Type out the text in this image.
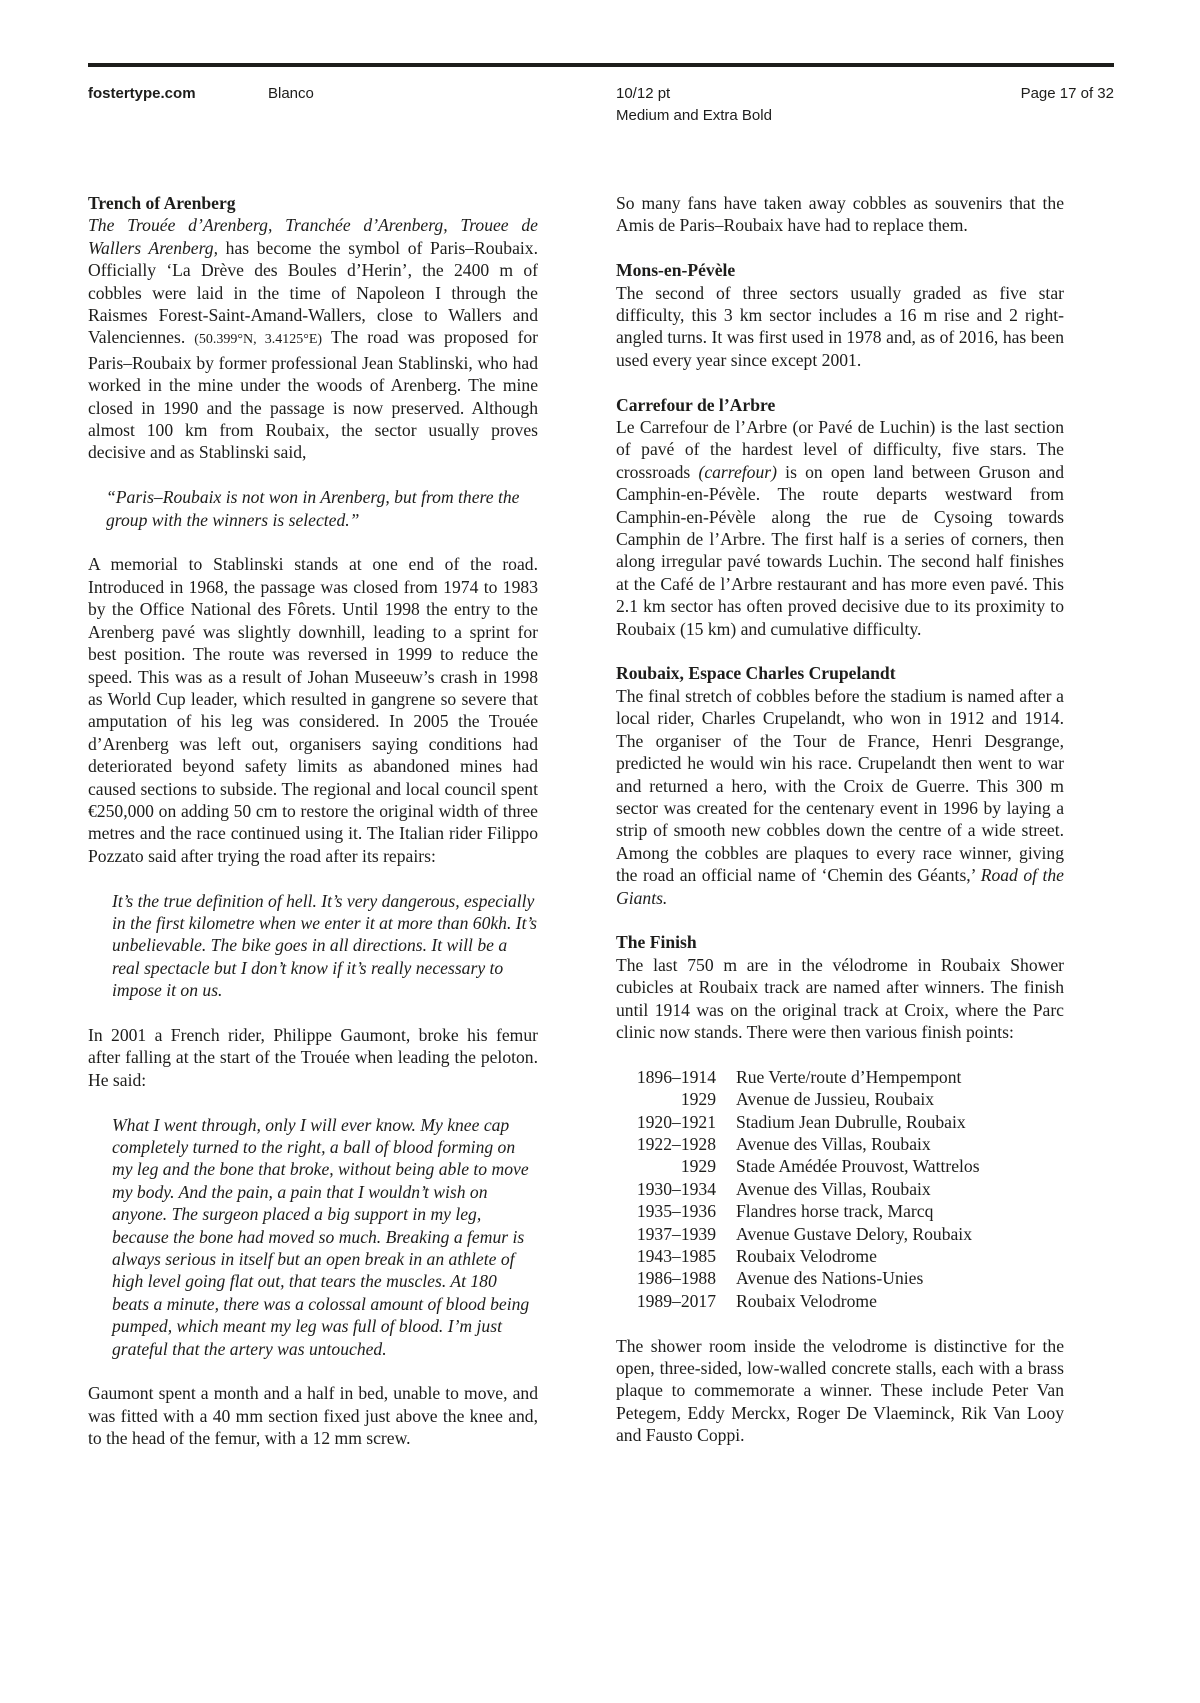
fostertype.com	Blanco	10/12 pt
Medium and Extra Bold
Page 17 of 32
Trench of Arenberg

The Trouée d’Arenberg, Tranchée d’Arenberg, Trouee de Wallers Arenberg, has become the symbol of Paris–Roubaix. Officially ‘La Drève des Boules d’Herin’, the 2400 m of cobbles were laid in the time of Napoleon I through the Raismes Forest-Saint-Amand-Wallers, close to Wallers and Valenciennes. (50.399°N, 3.4125°E) The road was proposed for Paris–Roubaix by former professional Jean Stablinski, who had worked in the mine under the woods of Arenberg. The mine closed in 1990 and the passage is now preserved. Although almost 100 km from Roubaix, the sector usually proves decisive and as Stablinski said,

“Paris–Roubaix is not won in Arenberg, but from there the group with the winners is selected.”

A memorial to Stablinski stands at one end of the road. Introduced in 1968, the passage was closed from 1974 to 1983 by the Office National des Fôrets. Until 1998 the entry to the Arenberg pavé was slightly downhill, leading to a sprint for best position. The route was reversed in 1999 to reduce the speed. This was as a result of Johan Museeuw’s crash in 1998 as World Cup leader, which resulted in gangrene so severe that amputation of his leg was considered. In 2005 the Trouée d’Arenberg was left out, organisers saying conditions had deteriorated beyond safety limits as abandoned mines had caused sections to subside. The regional and local council spent €250,000 on adding 50 cm to restore the original width of three metres and the race continued using it. The Italian rider Filippo Pozzato said after trying the road after its repairs:

It’s the true definition of hell. It’s very dangerous, especially in the first kilometre when we enter it at more than 60kh. It’s unbelievable. The bike goes in all directions. It will be a real spectacle but I don’t know if it’s really necessary to impose it on us.

In 2001 a French rider, Philippe Gaumont, broke his femur after falling at the start of the Trouée when leading the peloton. He said:

What I went through, only I will ever know. My knee cap completely turned to the right, a ball of blood forming on my leg and the bone that broke, without being able to move my body. And the pain, a pain that I wouldn’t wish on anyone. The surgeon placed a big support in my leg, because the bone had moved so much. Breaking a femur is always serious in itself but an open break in an athlete of high level going flat out, that tears the muscles. At 180 beats a minute, there was a colossal amount of blood being pumped, which meant my leg was full of blood. I’m just grateful that the artery was untouched.

Gaumont spent a month and a half in bed, unable to move, and was fitted with a 40 mm section fixed just above the knee and, to the head of the femur, with a 12 mm screw.

So many fans have taken away cobbles as souvenirs that the Amis de Paris–Roubaix have had to replace them.

Mons-en-Pévèle

The second of three sectors usually graded as five star difficulty, this 3 km sector includes a 16 m rise and 2 right-angled turns. It was first used in 1978 and, as of 2016, has been used every year since except 2001.

Carrefour de l’Arbre

Le Carrefour de l’Arbre (or Pavé de Luchin) is the last section of pavé of the hardest level of difficulty, five stars. The crossroads (carrefour) is on open land between Gruson and Camphin-en-Pévèle. The route departs westward from Camphin-en-Pévèle along the rue de Cysoing towards Camphin de l’Arbre. The first half is a series of corners, then along irregular pavé towards Luchin. The second half finishes at the Café de l’Arbre restaurant and has more even pavé. This 2.1 km sector has often proved decisive due to its proximity to Roubaix (15 km) and cumulative difficulty.

Roubaix, Espace Charles Crupelandt

The final stretch of cobbles before the stadium is named after a local rider, Charles Crupelandt, who won in 1912 and 1914. The organiser of the Tour de France, Henri Desgrange, predicted he would win his race. Crupelandt then went to war and returned a hero, with the Croix de Guerre. This 300 m sector was created for the centenary event in 1996 by laying a strip of smooth new cobbles down the centre of a wide street. Among the cobbles are plaques to every race winner, giving the road an official name of ‘Chemin des Géants,’ Road of the Giants.

The Finish

The last 750 m are in the vélodrome in Roubaix Shower cubicles at Roubaix track are named after winners. The finish until 1914 was on the original track at Croix, where the Parc clinic now stands. There were then various finish points:

1896–1914	Rue Verte/route d’Hempempont
1929	Avenue de Jussieu, Roubaix
1920–1921	Stadium Jean Dubrulle, Roubaix
1922–1928	Avenue des Villas, Roubaix
1929	Stade Amédée Prouvost, Wattrelos
1930–1934	Avenue des Villas, Roubaix
1935–1936	Flandres horse track, Marcq
1937–1939	Avenue Gustave Delory, Roubaix
1943–1985	Roubaix Velodrome
1986–1988	Avenue des Nations-Unies
1989–2017	Roubaix Velodrome

The shower room inside the velodrome is distinctive for the open, three-sided, low-walled concrete stalls, each with a brass plaque to commemorate a winner. These include Peter Van Petegem, Eddy Merckx, Roger De Vlaeminck, Rik Van Looy and Fausto Coppi.
